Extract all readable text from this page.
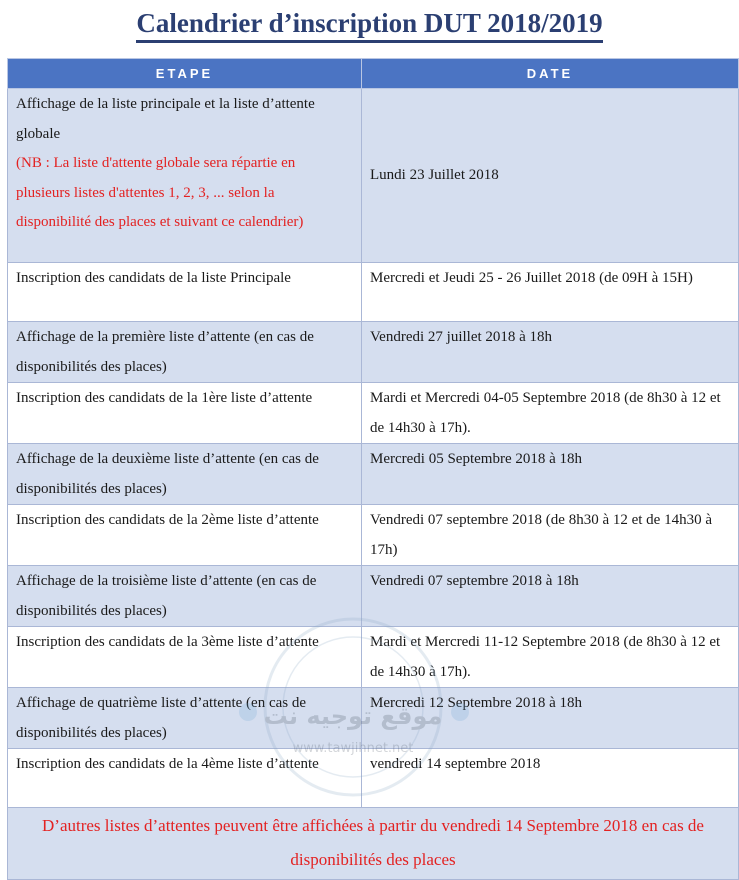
Calendrier d’inscription DUT 2018/2019
ETAPE	DATE
Affichage de la liste principale et la liste d’attente globale
(NB : La liste d'attente globale sera répartie en plusieurs listes d'attentes 1, 2, 3, ... selon la disponibilité des places et suivant ce calendrier)	Lundi 23 Juillet 2018
Inscription des candidats de la liste Principale	Mercredi et Jeudi 25 - 26 Juillet 2018 (de 09H à 15H)
Affichage de la première liste d’attente (en cas de disponibilités des places)	Vendredi 27 juillet 2018 à 18h
Inscription des candidats de la 1ère liste d’attente	Mardi et Mercredi 04-05 Septembre 2018 (de 8h30 à 12 et de 14h30 à 17h).
Affichage de la deuxième liste d’attente (en cas de disponibilités des places)	Mercredi 05 Septembre 2018 à 18h
Inscription des candidats de la 2ème liste d’attente	Vendredi 07 septembre 2018 (de 8h30 à 12 et de 14h30 à 17h)
Affichage de la troisième liste d’attente (en cas de disponibilités des places)	Vendredi 07 septembre 2018 à 18h
Inscription des candidats de la 3ème liste d’attente	Mardi et Mercredi 11-12 Septembre 2018 (de 8h30 à 12 et de 14h30 à 17h).
Affichage de quatrième liste d’attente (en cas de disponibilités des places)	Mercredi 12 Septembre 2018 à 18h
Inscription des candidats de la 4ème liste d’attente	vendredi 14 septembre 2018
D’autres listes d’attentes peuvent être affichées à partir du vendredi 14 Septembre 2018 en cas de disponibilités des places	
موقع توجيه نت
www.tawjihnet.net
